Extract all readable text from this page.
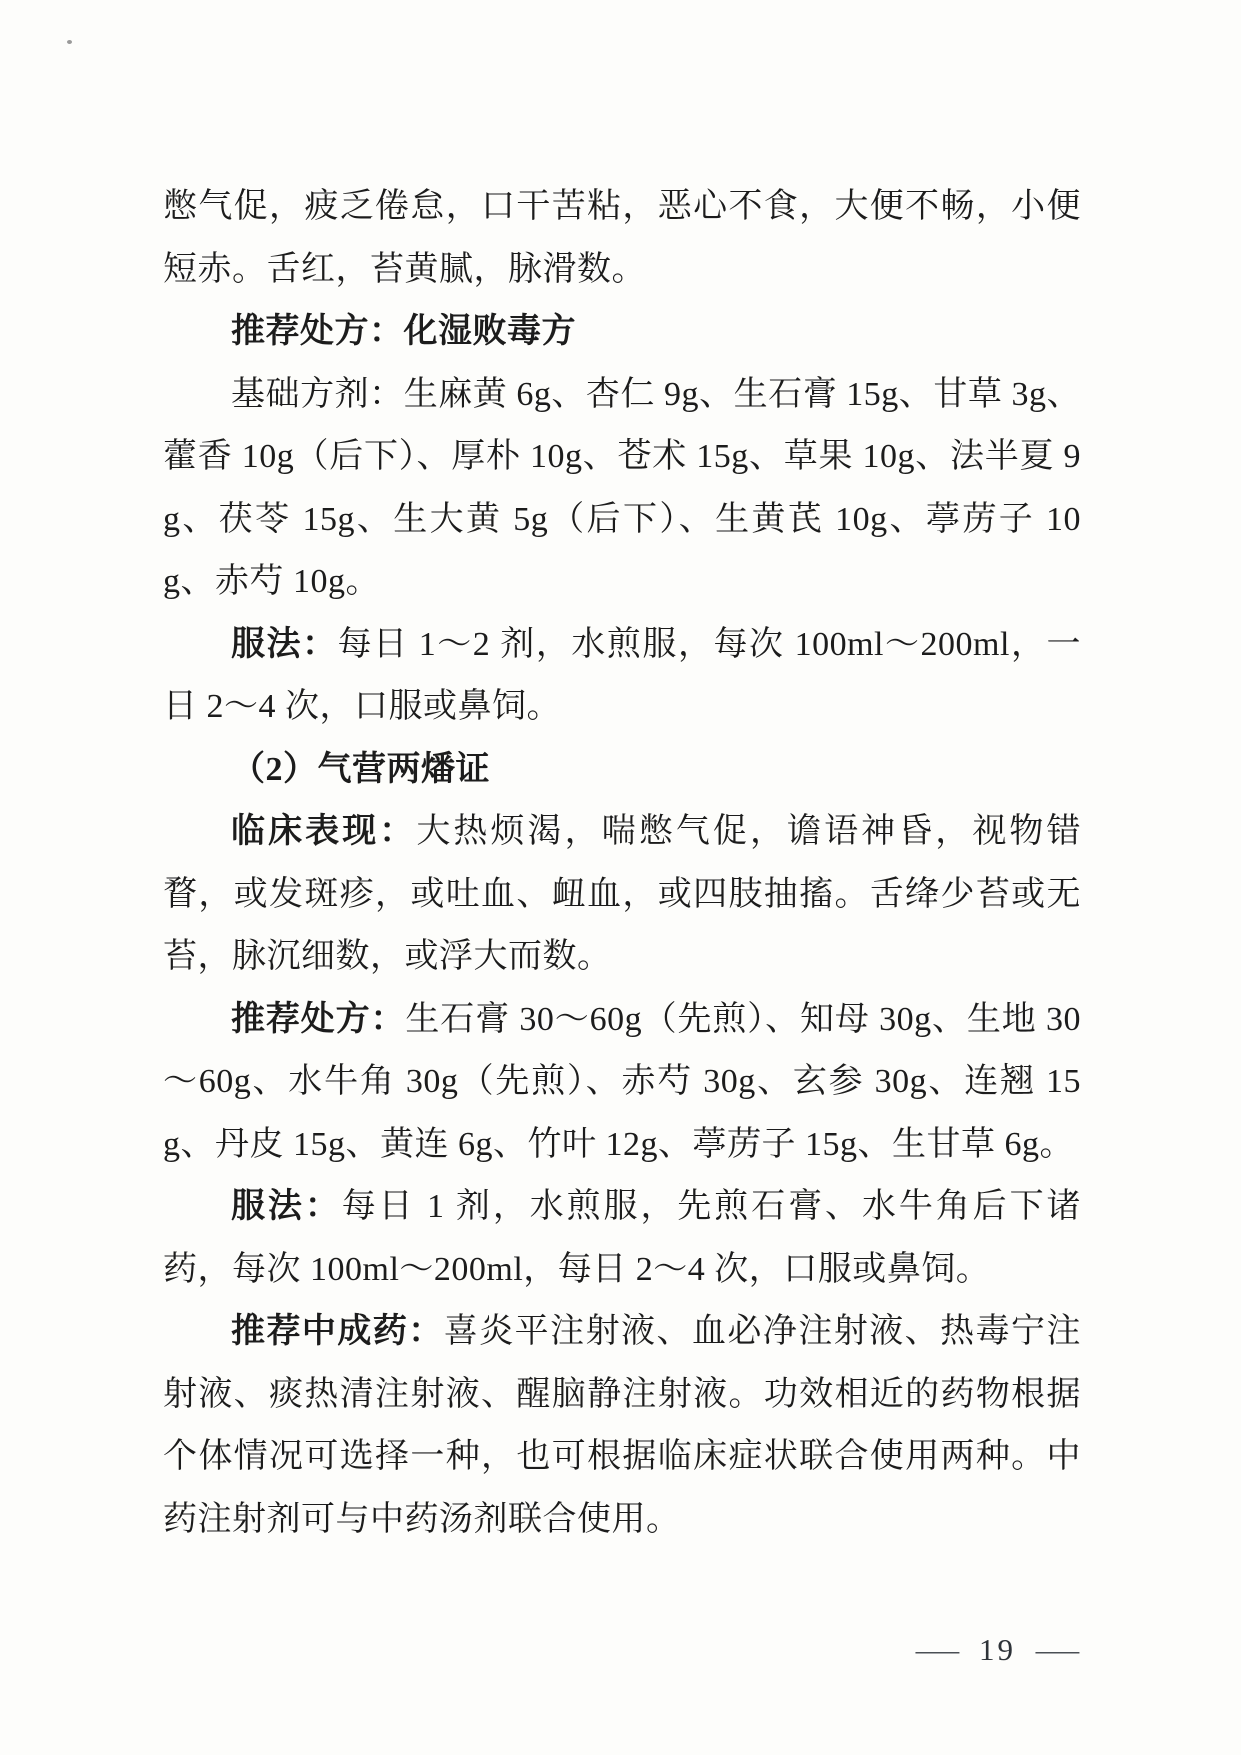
憋气促，疲乏倦怠，口干苦粘，恶心不食，大便不畅，小便短赤。舌红，苔黄腻，脉滑数。

推荐处方：化湿败毒方

基础方剂：生麻黄 6g、杏仁 9g、生石膏 15g、甘草 3g、藿香 10g（后下）、厚朴 10g、苍术 15g、草果 10g、法半夏 9g、茯苓 15g、生大黄 5g（后下）、生黄芪 10g、葶苈子 10g、赤芍 10g。

服法：每日 1～2 剂，水煎服，每次 100ml～200ml，一日 2～4 次，口服或鼻饲。

（2）气营两燔证

临床表现：大热烦渴，喘憋气促，谵语神昏，视物错瞀，或发斑疹，或吐血、衄血，或四肢抽搐。舌绛少苔或无苔，脉沉细数，或浮大而数。

推荐处方：生石膏 30～60g（先煎）、知母 30g、生地 30～60g、水牛角 30g（先煎）、赤芍 30g、玄参 30g、连翘 15g、丹皮 15g、黄连 6g、竹叶 12g、葶苈子 15g、生甘草 6g。

服法：每日 1 剂，水煎服，先煎石膏、水牛角后下诸药，每次 100ml～200ml，每日 2～4 次，口服或鼻饲。

推荐中成药：喜炎平注射液、血必净注射液、热毒宁注射液、痰热清注射液、醒脑静注射液。功效相近的药物根据个体情况可选择一种，也可根据临床症状联合使用两种。中药注射剂可与中药汤剂联合使用。

— 19 —
